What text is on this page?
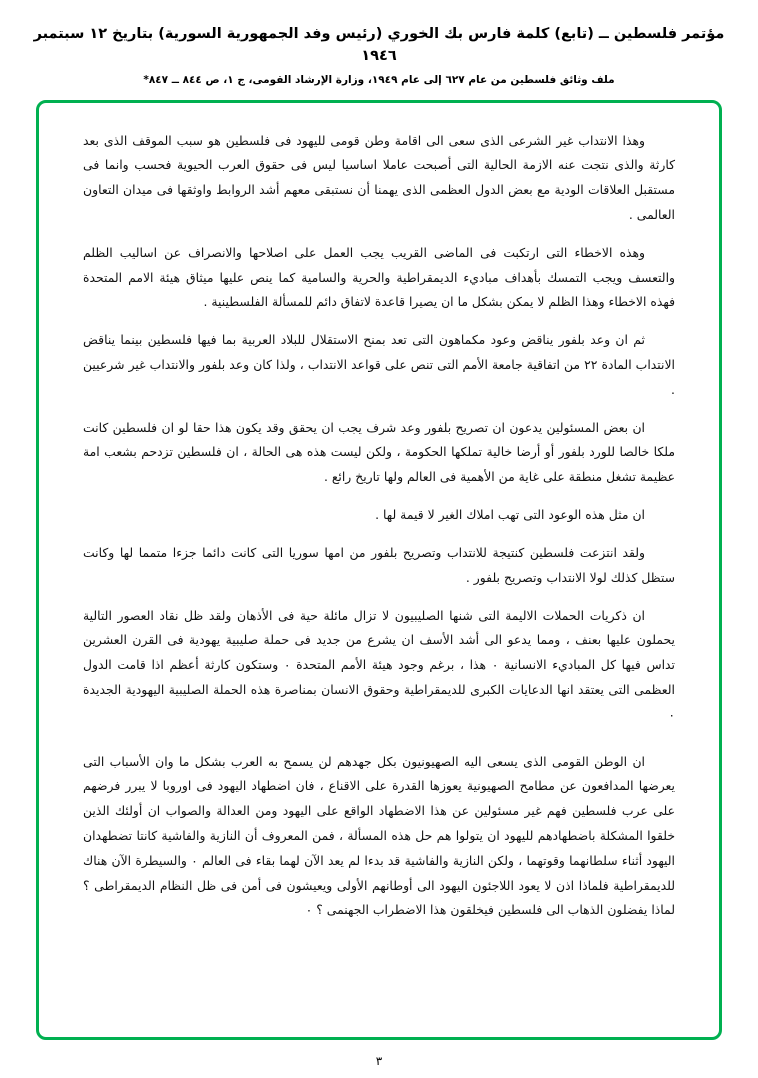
مؤتمر فلسطين ــ (تابع) كلمة فارس بك الخوري (رئيس وفد الجمهورية السورية) بتاريخ ١٢ سبتمبر ١٩٤٦
ملف وثائق فلسطين من عام ٦٢٧ إلى عام ١٩٤٩، وزارة الإرشاد القومى، ج ١، ص ٨٤٤ ــ ٨٤٧*

وهذا الانتداب غير الشرعى الذى سعى الى اقامة وطن قومى لليهود فى فلسطين هو سبب الموقف الذى بعد كارثة والذى نتجت عنه الازمة الحالية التى أصبحت عاملا اساسيا ليس فى حقوق العرب الحيوية فحسب وانما فى مستقبل العلاقات الودية مع بعض الدول العظمى الذى يهمنا أن نستبقى معهم أشد الروابط واوثقها فى ميدان التعاون العالمى .

وهذه الاخطاء التى ارتكبت فى الماضى القريب يجب العمل على اصلاحها والانصراف عن اساليب الظلم والتعسف ويجب التمسك بأهداف مباديء الديمقراطية والحرية والسامية كما ينص عليها ميثاق هيئة الامم المتحدة فهذه الاخطاء وهذا الظلم لا يمكن بشكل ما ان يصيرا قاعدة لاتفاق دائم للمسألة الفلسطينية .

ثم ان وعد بلفور يناقض وعود مكماهون التى تعد بمنح الاستقلال للبلاد العربية بما فيها فلسطين بينما يناقض الانتداب المادة ٢٢ من اتفاقية جامعة الأمم التى تنص على قواعد الانتداب ، ولذا كان وعد بلفور والانتداب غير شرعيين .

ان بعض المسئولين يدعون ان تصريح بلفور وعد شرف يجب ان يحقق وقد يكون هذا حقا لو ان فلسطين كانت ملكا خالصا للورد بلفور أو أرضا خالية تملكها الحكومة ، ولكن ليست هذه هى الحالة ، ان فلسطين تزدحم بشعب امة عظيمة تشغل منطقة على غاية من الأهمية فى العالم ولها تاريخ رائع .

ان مثل هذه الوعود التى تهب املاك الغير لا قيمة لها .

ولقد انتزعت فلسطين كنتيجة للانتداب وتصريح بلفور من امها سوريا التى كانت دائما جزءا متمما لها وكانت ستظل كذلك لولا الانتداب وتصريح بلفور .

ان ذكريات الحملات الاليمة التى شنها الصليبيون لا تزال مائلة حية فى الأذهان ولقد ظل نقاد العصور التالية يحملون عليها بعنف ، ومما يدعو الى أشد الأسف ان يشرع من جديد فى حملة صليبية يهودية فى القرن العشرين تداس فيها كل المباديء الانسانية ٠ هذا ، برغم وجود هيئة الأمم المتحدة ٠ وستكون كارثة أعظم اذا قامت الدول العظمى التى يعتقد انها الدعايات الكبرى للديمقراطية وحقوق الانسان بمناصرة هذه الحملة الصليبية اليهودية الجديدة ٠

ان الوطن القومى الذى يسعى اليه الصهيونيون بكل جهدهم لن يسمح به العرب بشكل ما وان الأسباب التى يعرضها المدافعون عن مطامح الصهيونية يعوزها القدرة على الاقناع ، فان اضطهاد اليهود فى اوروبا لا يبرر فرضهم على عرب فلسطين فهم غير مسئولين عن هذا الاضطهاد الواقع على اليهود ومن العدالة والصواب ان أولئك الذين خلقوا المشكلة باضطهادهم لليهود ان يتولوا هم حل هذه المسألة ، فمن المعروف أن النازية والفاشية كانتا تضطهدان اليهود أثناء سلطانهما وقوتهما ، ولكن النازية والفاشية قد بدءا لم يعد الآن لهما بقاء فى العالم ٠ والسيطرة الآن هناك للديمقراطية فلماذا اذن لا يعود اللاجئون اليهود الى أوطانهم الأولى ويعيشون فى أمن فى ظل النظام الديمقراطى ؟ لماذا يفضلون الذهاب الى فلسطين فيخلقون هذا الاضطراب الجهنمى ؟ ٠

٣
